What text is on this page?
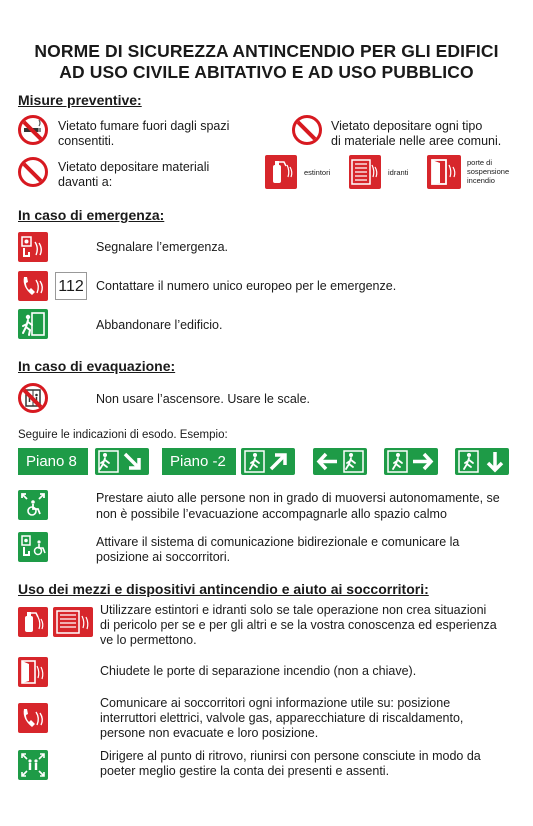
NORME DI SICUREZZA ANTINCENDIO PER GLI EDIFICI
AD USO CIVILE ABITATIVO E AD USO PUBBLICO
Misure preventive:
Vietato fumare fuori dagli spazi
consentiti.
Vietato depositare ogni tipo
di materiale nelle aree comuni.
Vietato depositare materiali
davanti a:
estintori	idranti
porte di
sospensione
incendio
In caso di emergenza:
Segnalare l’emergenza.
112 Contattare il numero unico europeo per le emergenze.
Abbandonare l’edificio.
In caso di evaquazione:
Non usare l’ascensore. Usare le scale.
Seguire le indicazioni di esodo. Esempio:
Piano 8	Piano -2
Prestare aiuto alle persone non in grado di muoversi autonomamente, se
non è possibile l’evacuazione accompagnarle allo spazio calmo
Attivare il sistema di comunicazione bidirezionale e comunicare la
posizione ai soccorritori.
Uso dei mezzi e dispositivi antincendio e aiuto ai soccorritori:
Utilizzare estintori e idranti solo se tale operazione non crea situazioni
di pericolo per se e per gli altri e se la vostra conoscenza ed esperienza
ve lo permettono.
Chiudete le porte di separazione incendio (non a chiave).
Comunicare ai soccorritori ogni informazione utile su: posizione
interruttori elettrici, valvole gas, apparecchiature di riscaldamento,
persone non evacuate e loro posizione.
Dirigere al punto di ritrovo, riunirsi con persone consciute in modo da
poeter meglio gestire la conta dei presenti e assenti.
